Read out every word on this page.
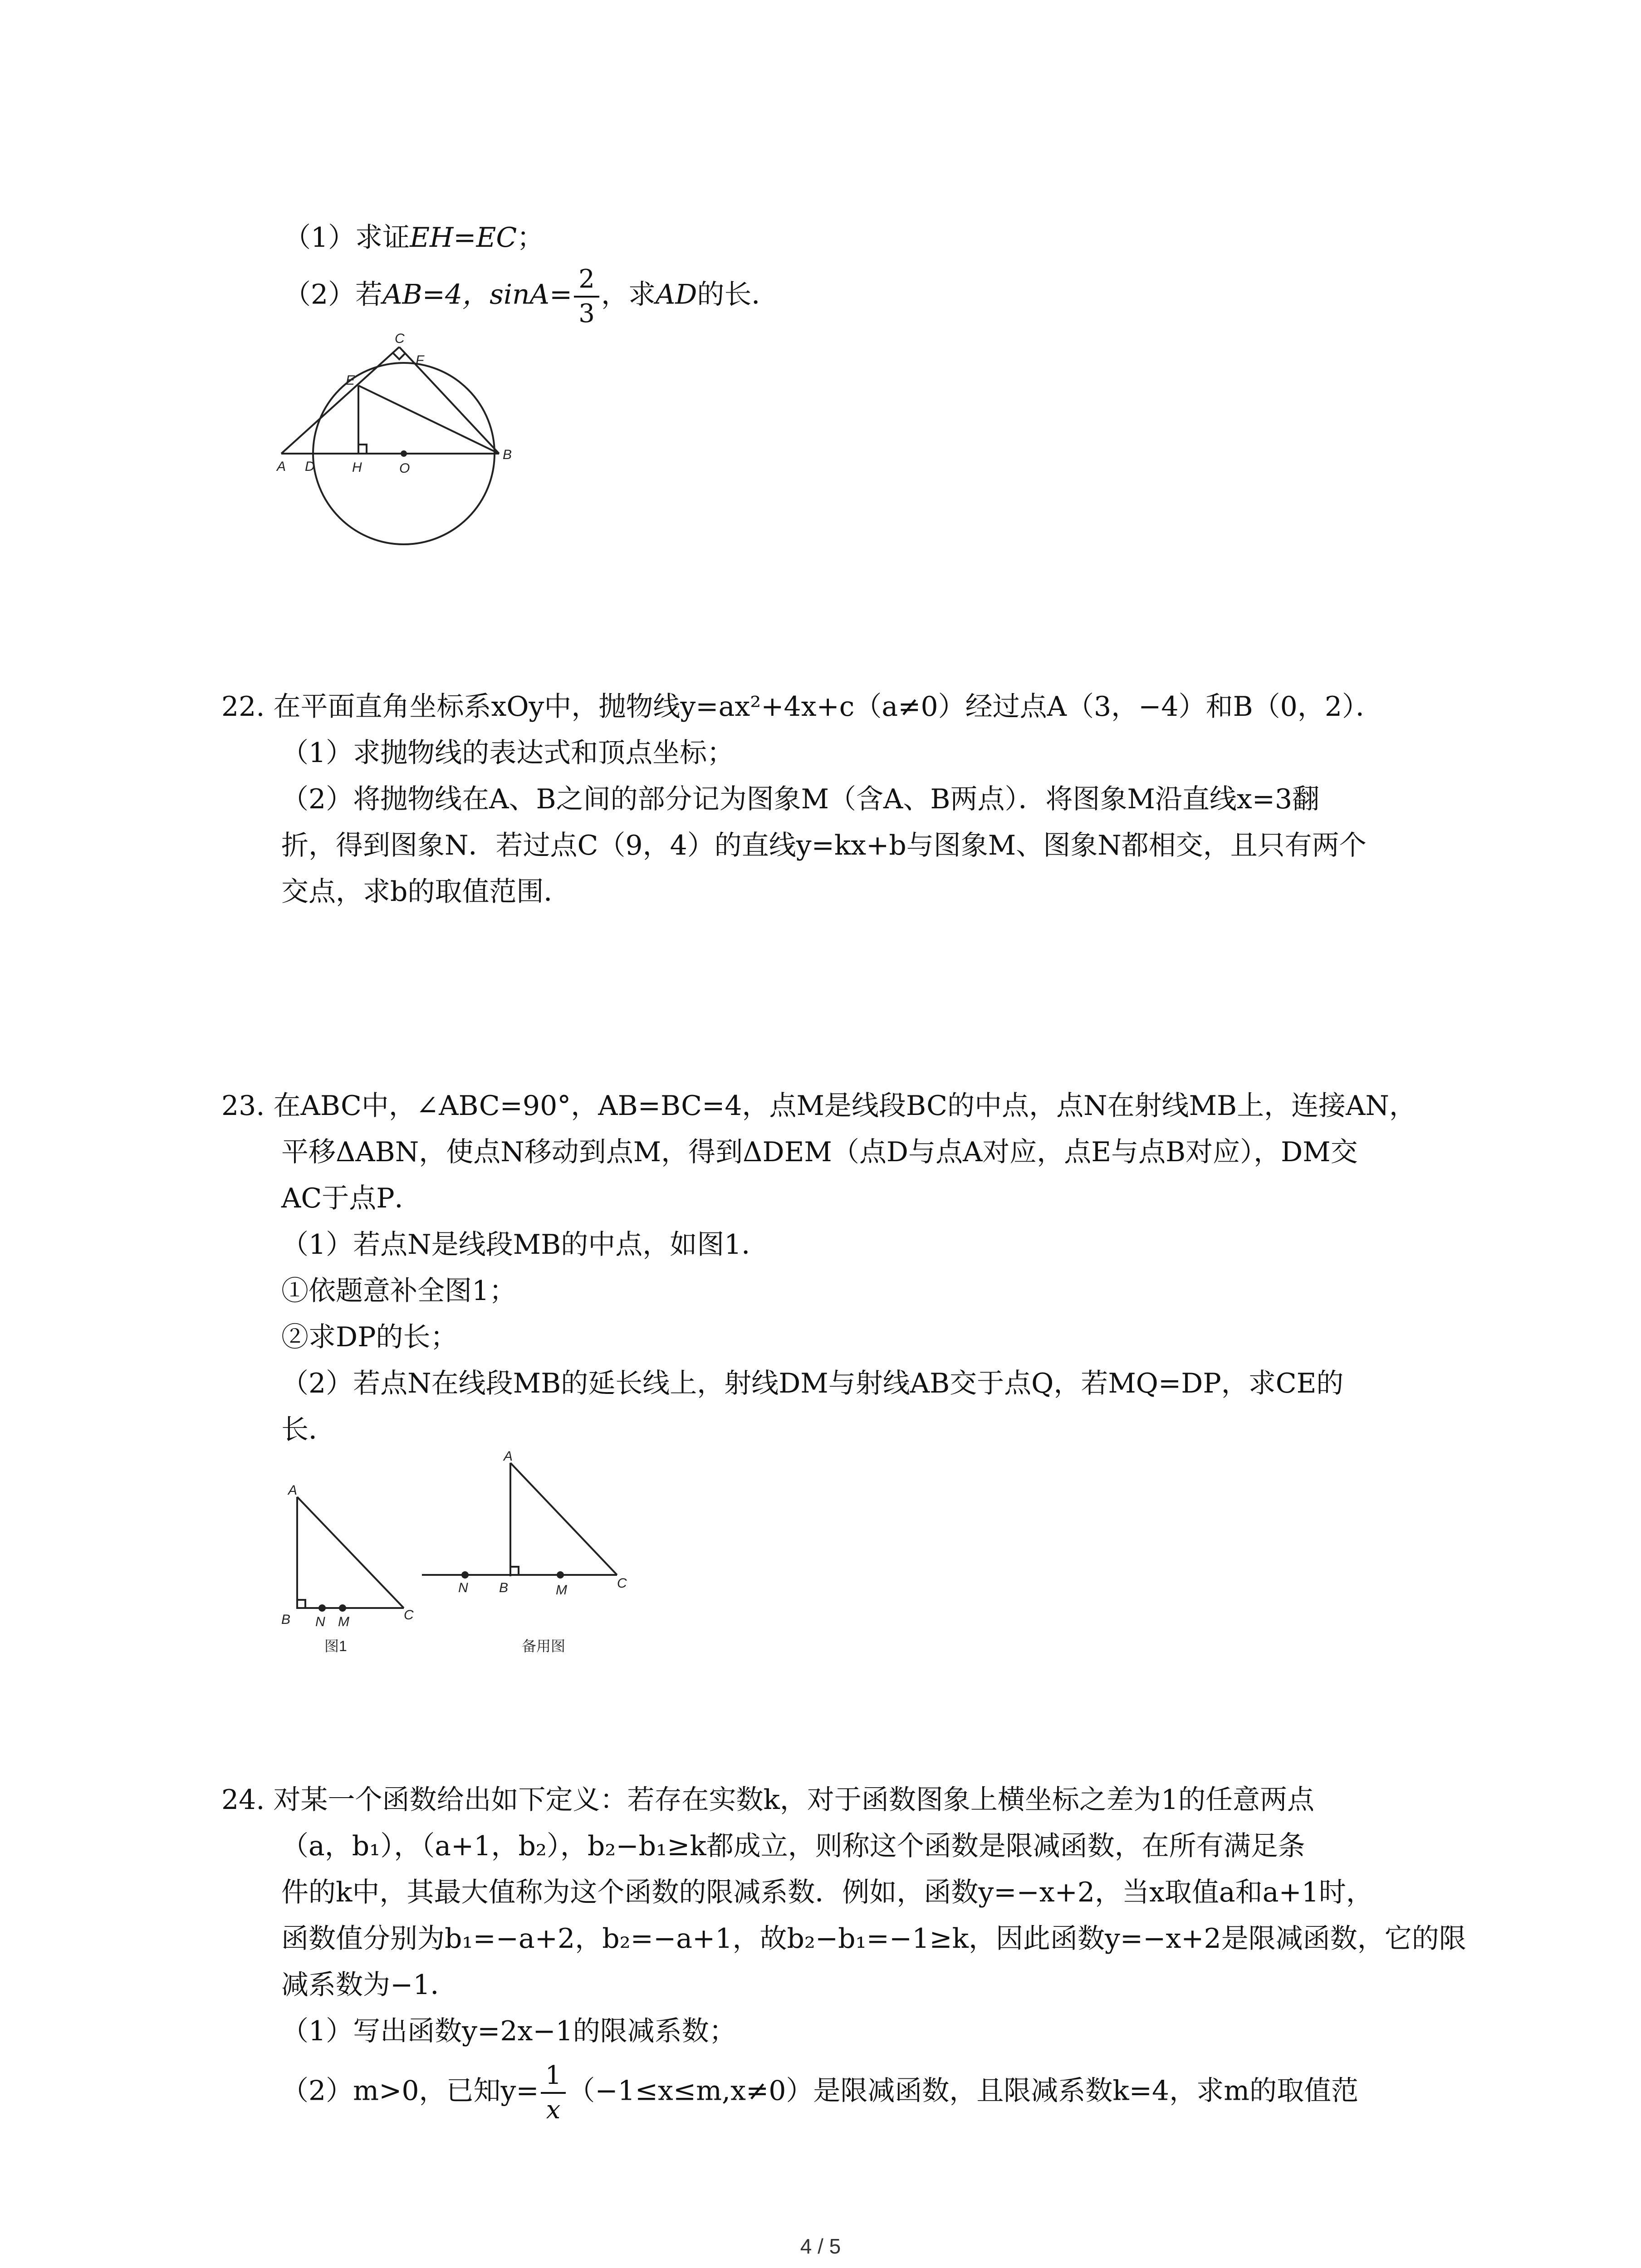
（1）求证EH=EC；
（2）若AB=4，$\sin A= \frac{2}{3}$ ，求AD的长．
A D	H	O
B
E
C
F
22. 在平面直角坐标系xOy中，抛物线y=ax²+4x+c（a≠0）经过点A（3，−4）和B（0，2）．
（1）求抛物线的表达式和顶点坐标；
（2）将抛物线在A、B之间的部分记为图象M（含A、B两点）．将图象M沿直线x=3翻
折，得到图象N．若过点C（9，4）的直线y=kx+b与图象M、图象N都相交，且只有两个
交点，求b的取值范围．
23. 在ABC中，∠ABC=90°，AB=BC=4，点M是线段BC的中点，点N在射线MB上，连接AN，
平移ΔABN，使点N移动到点M，得到ΔDEM（点D与点A对应，点E与点B对应），DM交
AC于点P．
（1）若点N是线段MB的中点，如图1．
①依题意补全图1；
②求DP的长；
（2）若点N在线段MB的延长线上，射线DM与射线AB交于点Q，若MQ=DP，求CE的
长．
A
B N M	C
图1
A
N B	M	C
备用图
24. 对某一个函数给出如下定义：若存在实数k，对于函数图象上横坐标之差为1的任意两点
（a，b₁），（a+1，b₂），b₂−b₁≥k都成立，则称这个函数是限减函数，在所有满足条
件的k中，其最大值称为这个函数的限减系数．例如，函数y=−x+2，当x取值a和a+1时，
函数值分别为b₁=−a+2，b₂=−a+1，故b₂−b₁=−1≥k，因此函数y=−x+2是限减函数，它的限
减系数为−1．
（1）写出函数y=2x−1的限减系数；
（2）m>0，已知$y= \frac{1}{x} (-1\le x\le m,x\ne 0)$是限减函数，且限减系数k=4，求m的取值范
4 / 5
